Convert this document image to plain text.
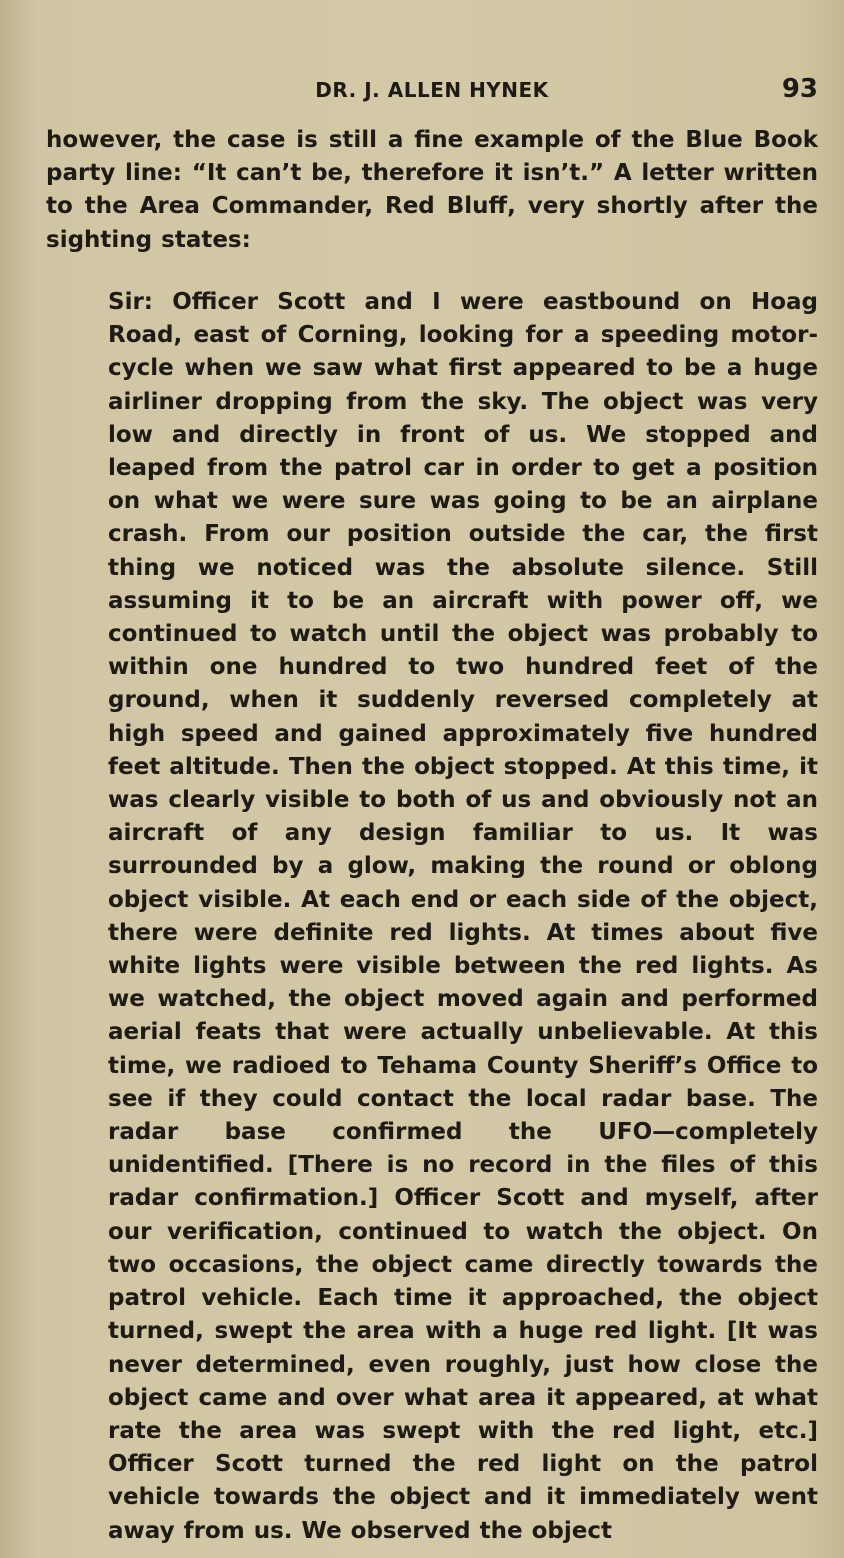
DR. J. ALLEN HYNEK	93

however, the case is still a fine example of the Blue Book party line: “It can’t be, therefore it isn’t.” A letter written to the Area Commander, Red Bluff, very shortly after the sighting states:

Sir: Officer Scott and I were eastbound on Hoag Road, east of Corning, looking for a speeding motorcycle when we saw what first appeared to be a huge airliner dropping from the sky. The object was very low and directly in front of us. We stopped and leaped from the patrol car in order to get a position on what we were sure was going to be an airplane crash. From our position outside the car, the first thing we noticed was the absolute silence. Still assuming it to be an aircraft with power off, we continued to watch until the object was probably to within one hundred to two hundred feet of the ground, when it suddenly reversed completely at high speed and gained approximately five hundred feet altitude. Then the object stopped. At this time, it was clearly visible to both of us and obviously not an aircraft of any design familiar to us. It was surrounded by a glow, making the round or oblong object visible. At each end or each side of the object, there were definite red lights. At times about five white lights were visible between the red lights. As we watched, the object moved again and performed aerial feats that were actually unbelievable. At this time, we radioed to Tehama County Sheriff’s Office to see if they could contact the local radar base. The radar base confirmed the UFO—completely unidentified. [There is no record in the files of this radar confirmation.] Officer Scott and myself, after our verification, continued to watch the object. On two occasions, the object came directly towards the patrol vehicle. Each time it approached, the object turned, swept the area with a huge red light. [It was never determined, even roughly, just how close the object came and over what area it appeared, at what rate the area was swept with the red light, etc.] Officer Scott turned the red light on the patrol vehicle towards the object and it immediately went away from us. We observed the object
